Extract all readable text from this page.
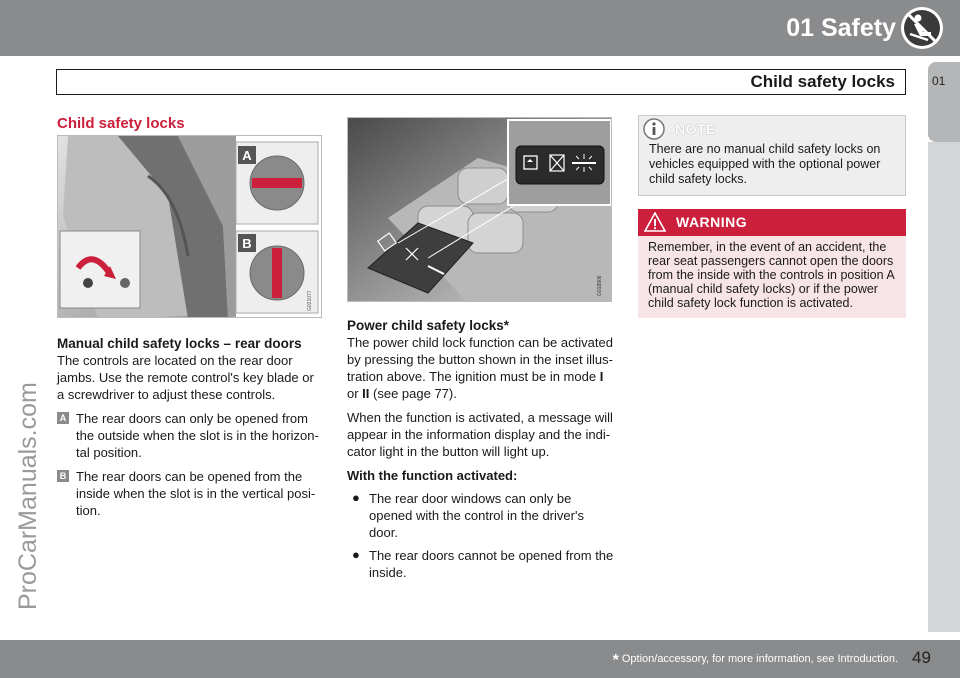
01 Safety
Child safety locks	01
ProCarManuals.com
Child safety locks
A
B
G021077
Manual child safety locks – rear doors
The controls are located on the rear door jambs. Use the remote control's key blade or a screwdriver to adjust these controls.
A The rear doors can only be opened from the outside when the slot is in the horizon-tal position.
B The rear doors can be opened from the inside when the slot is in the vertical posi-tion.
G018906
Power child safety locks*
The power child lock function can be activated by pressing the button shown in the inset illus-tration above. The ignition must be in mode I or II (see page 77).
When the function is activated, a message will appear in the information display and the indi-cator light in the button will light up.
With the function activated:
● The rear door windows can only be opened with the control in the driver's door.
● The rear doors cannot be opened from the inside.
NOTE
There are no manual child safety locks on vehicles equipped with the optional power child safety locks.
WARNING
Remember, in the event of an accident, the rear seat passengers cannot open the doors from the inside with the controls in position A (manual child safety locks) or if the power child safety lock function is activated.
* Option/accessory, for more information, see Introduction. 49
